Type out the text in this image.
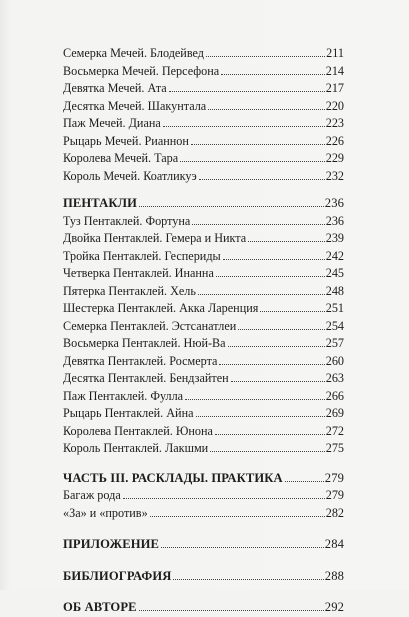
Семерка Мечей. Блодейвед	211
Восьмерка Мечей. Персефона	214
Девятка Мечей. Ата	217
Десятка Мечей. Шакунтала	220
Паж Мечей. Диана	223
Рыцарь Мечей. Рианнон	226
Королева Мечей. Тара	229
Король Мечей. Коатликуэ	232
ПЕНТАКЛИ	236
Туз Пентаклей. Фортуна	236
Двойка Пентаклей. Гемера и Никта	239
Тройка Пентаклей. Геспериды	242
Четверка Пентаклей. Инанна	245
Пятерка Пентаклей. Хель	248
Шестерка Пентаклей. Акка Ларенция	251
Семерка Пентаклей. Эстсанатлеи	254
Восьмерка Пентаклей. Нюй-Ва	257
Девятка Пентаклей. Росмерта	260
Десятка Пентаклей. Бендзайтен	263
Паж Пентаклей. Фулла	266
Рыцарь Пентаклей. Айна	269
Королева Пентаклей. Юнона	272
Король Пентаклей. Лакшми	275
ЧАСТЬ III. РАСКЛАДЫ. ПРАКТИКА	279
Багаж рода	279
«За» и «против»	282
ПРИЛОЖЕНИЕ	284
БИБЛИОГРАФИЯ	288
ОБ АВТОРЕ	292
